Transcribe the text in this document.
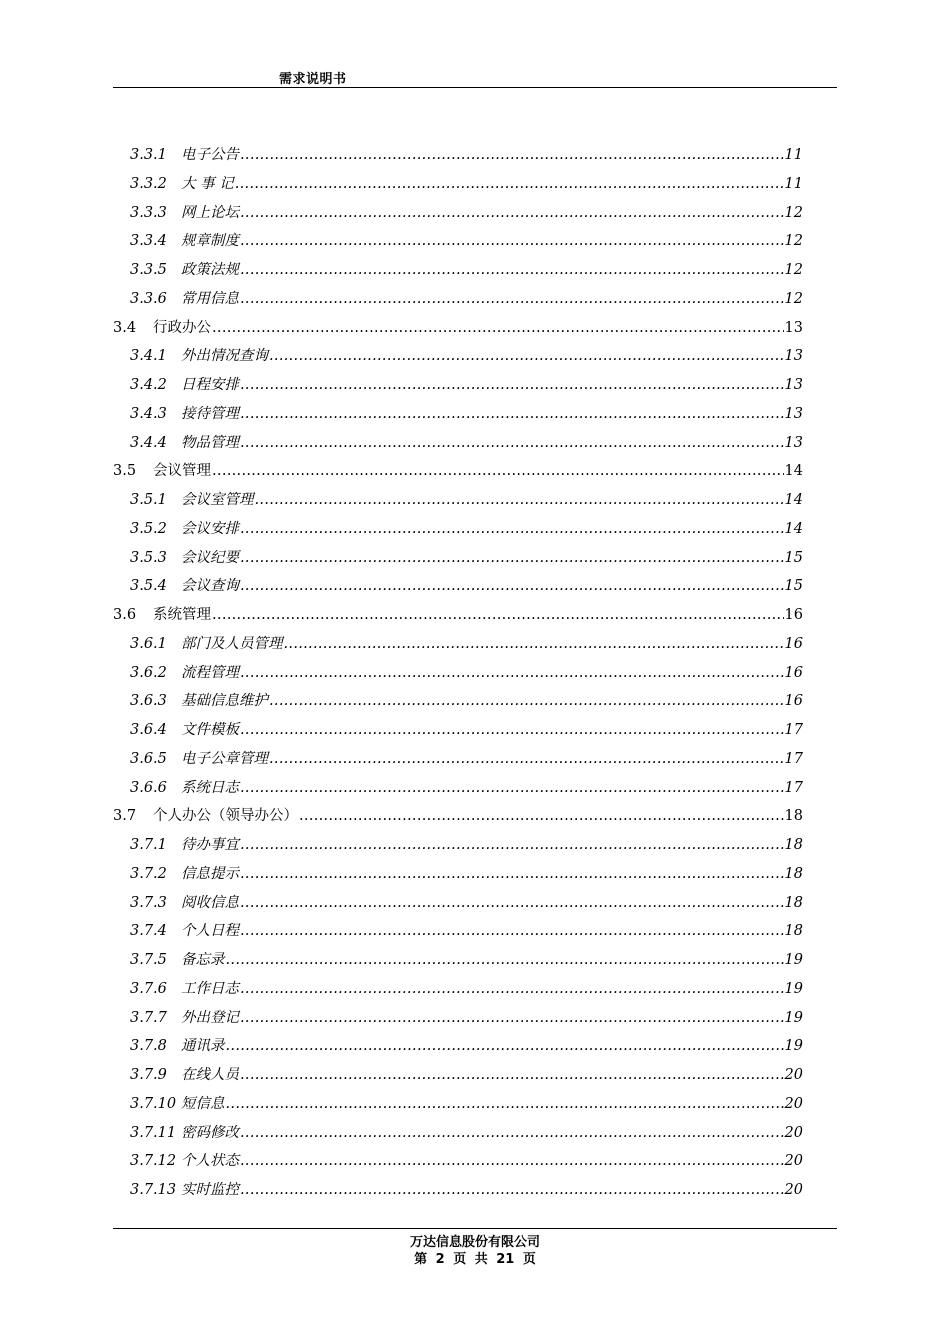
需求说明书
3.3.1 电子公告 .....	11
3.3.2 大 事 记 .....	11
3.3.3 网上论坛 .....	12
3.3.4 规章制度 .....	12
3.3.5 政策法规 .....	12
3.3.6 常用信息 .....	12
3.4	行政办公 .....	13
3.4.1 外出情况查询 .....	13
3.4.2 日程安排 .....	13
3.4.3 接待管理 .....	13
3.4.4 物品管理 .....	13
3.5	会议管理 .....	14
3.5.1 会议室管理 .....	14
3.5.2 会议安排 .....	14
3.5.3 会议纪要 .....	15
3.5.4 会议查询 .....	15
3.6	系统管理 .....	16
3.6.1 部门及人员管理 .....	16
3.6.2 流程管理 .....	16
3.6.3 基础信息维护 .....	16
3.6.4 文件模板 .....	17
3.6.5 电子公章管理 .....	17
3.6.6 系统日志 .....	17
3.7	个人办公（领导办公） .....	18
3.7.1 待办事宜 .....	18
3.7.2 信息提示 .....	18
3.7.3 阅收信息 .....	18
3.7.4 个人日程 .....	18
3.7.5 备忘录 .....	19
3.7.6 工作日志 .....	19
3.7.7 外出登记 .....	19
3.7.8 通讯录 .....	19
3.7.9 在线人员 .....	20
3.7.10 短信息 .....	20
3.7.11 密码修改 .....	20
3.7.12 个人状态 .....	20
3.7.13 实时监控 .....	20
万达信息股份有限公司
第 2 页 共 21 页
